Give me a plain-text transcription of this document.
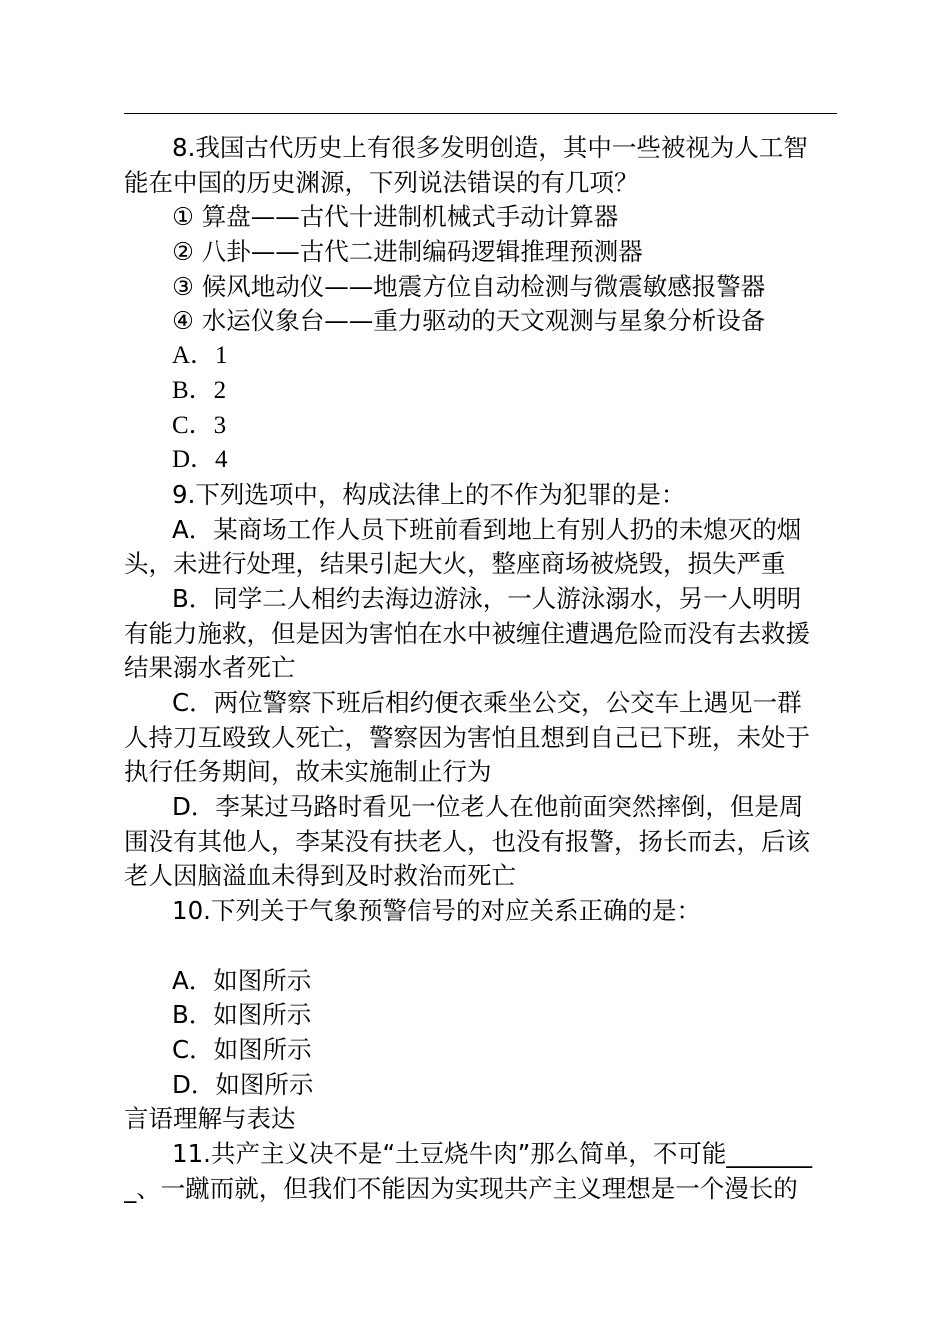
8.我国古代历史上有很多发明创造，其中一些被视为人工智
能在中国的历史渊源，下列说法错误的有几项？
① 算盘——古代十进制机械式手动计算器
② 八卦——古代二进制编码逻辑推理预测器
③ 候风地动仪——地震方位自动检测与微震敏感报警器
④ 水运仪象台——重力驱动的天文观测与星象分析设备
A．1
B．2
C．3
D．4
9.下列选项中，构成法律上的不作为犯罪的是：
A．某商场工作人员下班前看到地上有别人扔的未熄灭的烟
头，未进行处理，结果引起大火，整座商场被烧毁，损失严重
B．同学二人相约去海边游泳，一人游泳溺水，另一人明明
有能力施救，但是因为害怕在水中被缠住遭遇危险而没有去救援
结果溺水者死亡
C．两位警察下班后相约便衣乘坐公交，公交车上遇见一群
人持刀互殴致人死亡，警察因为害怕且想到自己已下班，未处于
执行任务期间，故未实施制止行为
D．李某过马路时看见一位老人在他前面突然摔倒，但是周
围没有其他人，李某没有扶老人，也没有报警，扬长而去，后该
老人因脑溢血未得到及时救治而死亡
10.下列关于气象预警信号的对应关系正确的是：
A．如图所示
B．如图所示
C．如图所示
D．如图所示
言语理解与表达
11.共产主义决不是“土豆烧牛肉”那么简单，不可能_______
_、一蹴而就，但我们不能因为实现共产主义理想是一个漫长的
